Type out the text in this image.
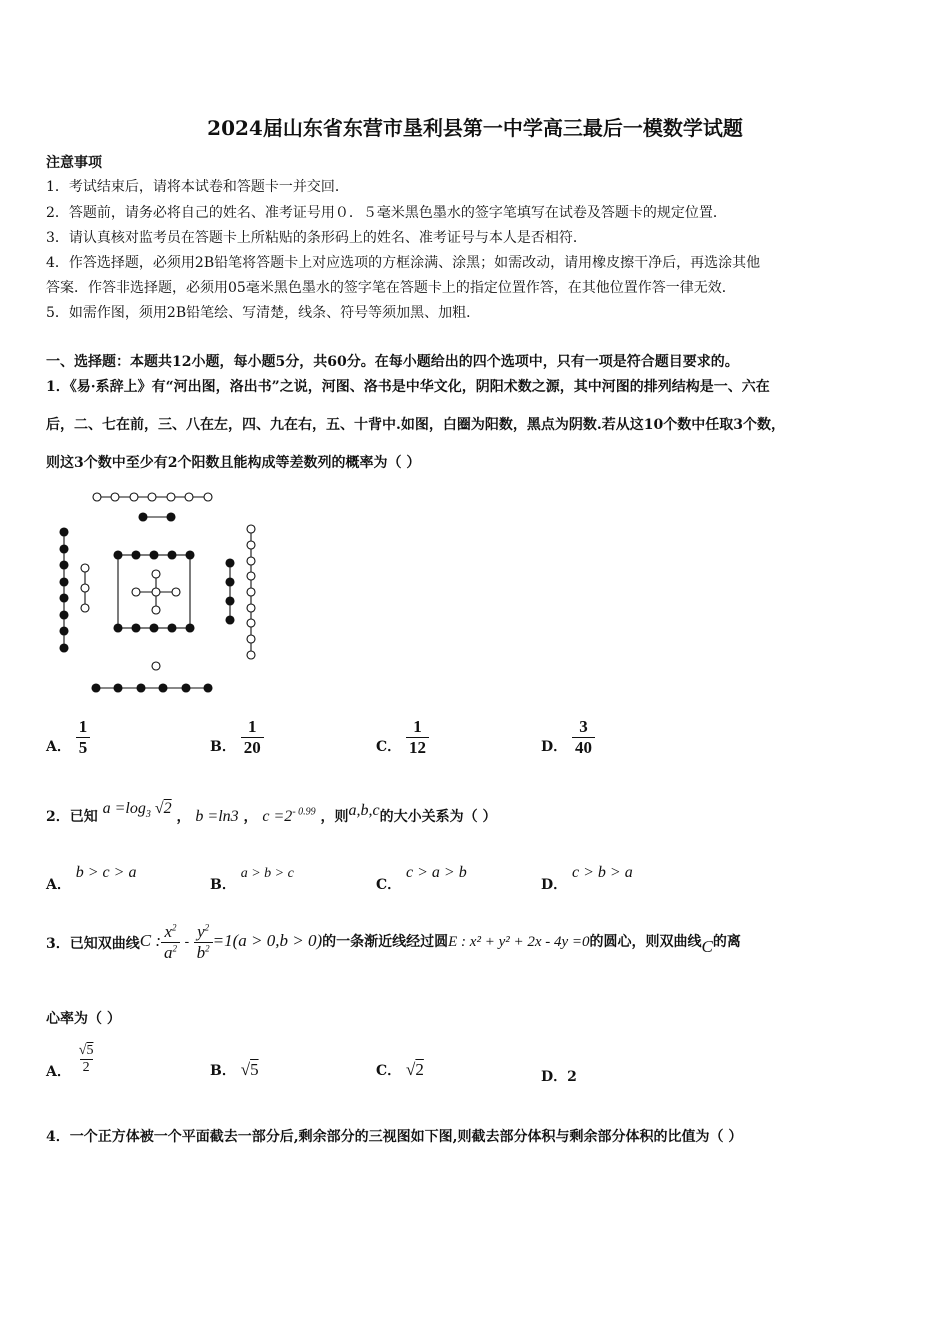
2024届山东省东营市垦利县第一中学高三最后一模数学试题
注意事项
1．考试结束后，请将本试卷和答题卡一并交回．
2．答题前，请务必将自己的姓名、准考证号用０．５毫米黑色墨水的签字笔填写在试卷及答题卡的规定位置．
3．请认真核对监考员在答题卡上所粘贴的条形码上的姓名、准考证号与本人是否相符．
4．作答选择题，必须用2B铅笔将答题卡上对应选项的方框涂满、涂黑；如需改动，请用橡皮擦干净后，再选涂其他
答案．作答非选择题，必须用05毫米黑色墨水的签字笔在答题卡上的指定位置作答，在其他位置作答一律无效．
5．如需作图，须用2B铅笔绘、写清楚，线条、符号等须加黑、加粗．
一、选择题：本题共12小题，每小题5分，共60分。在每小题给出的四个选项中，只有一项是符合题目要求的。
1．《易·系辞上》有“河出图，洛出书”之说，河图、洛书是中华文化，阴阳术数之源，其中河图的排列结构是一、六在
后，二、七在前，三、八在左，四、九在右，五、十背中.如图，白圈为阳数，黑点为阴数.若从这10个数中任取3个数，
则这3个数中至少有2个阳数且能构成等差数列的概率为（ ）
A． $\frac{1}{5}$	B． $\frac{1}{20}$	C． $\frac{1}{12}$	D． $\frac{3}{40}$
2．已知 $a =\log_3$ √2 ， b =ln3 ， $c =2^{- 0.99}$ ，则a,b,c的大小关系为（ ）
A． b > c > a
B． a > b > c
C． c > a > b
D． c > b > a
3．已知双曲线C : $\frac{x^2}{a^2} - \frac{y^2}{b^2} =1(a > 0,b > 0)$的一条渐近线经过圆E : x² + y² + 2x - 4y =0的圆心，则双曲线C的离
心率为（ ）
A． $\frac{√5}{2}$	B． √5	C． √2	D．2
4．一个正方体被一个平面截去一部分后,剩余部分的三视图如下图,则截去部分体积与剩余部分体积的比值为（ ）
